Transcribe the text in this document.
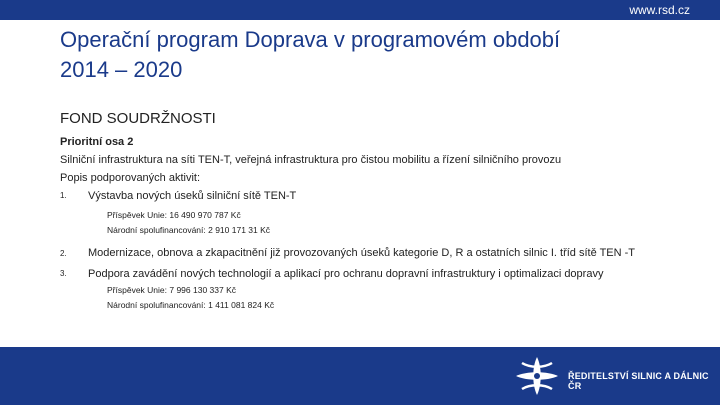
www.rsd.cz
Operační program Doprava v programovém období
2014 – 2020
FOND SOUDRŽNOSTI
Prioritní osa 2
Silniční infrastruktura na síti TEN-T, veřejná infrastruktura pro čistou mobilitu a řízení silničního provozu
Popis podporovaných aktivit:
1.	Výstavba nových úseků silniční sítě TEN-T
Příspěvek Unie: 16 490 970 787 Kč
Národní spolufinancování: 2 910 171 31 Kč
2.	Modernizace, obnova a zkapacitnění již provozovaných úseků kategorie D, R a ostatních silnic I. tříd sítě TEN -T
3.	Podpora zavádění nových technologií a aplikací pro ochranu dopravní infrastruktury i optimalizaci dopravy
Příspěvek Unie: 7 996 130 337 Kč
Národní spolufinancování: 1 411 081 824 Kč
ŘEDITELSTVÍ SILNIC A DÁLNIC ČR
